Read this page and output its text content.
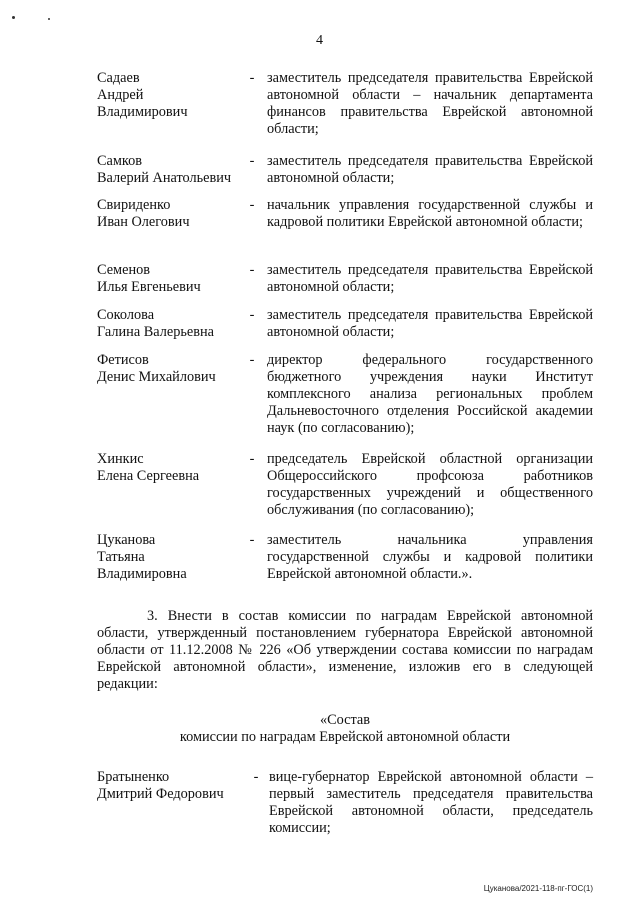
4
Садаев
Андрей
Владимирович
- заместитель председателя правительства Еврейской автономной области – начальник департамента финансов правительства Еврейской автономной области;
Самков
Валерий Анатольевич
- заместитель председателя правительства Еврейской автономной области;
Свириденко
Иван Олегович
- начальник управления государственной службы и кадровой политики Еврейской автономной области;
Семенов
Илья Евгеньевич
- заместитель председателя правительства Еврейской автономной области;
Соколова
Галина Валерьевна
- заместитель председателя правительства Еврейской автономной области;
Фетисов
Денис Михайлович
- директор федерального государственного бюджетного учреждения науки Институт комплексного анализа региональных проблем Дальневосточного отделения Российской академии наук (по согласованию);
Хинкис
Елена Сергеевна
- председатель Еврейской областной организации Общероссийского профсоюза работников государственных учреждений и общественного обслуживания (по согласованию);
Цуканова
Татьяна
Владимировна
- заместитель начальника управления государственной службы и кадровой политики Еврейской автономной области.».
3. Внести в состав комиссии по наградам Еврейской автономной области, утвержденный постановлением губернатора Еврейской автономной области от 11.12.2008 № 226 «Об утверждении состава комиссии по наградам Еврейской автономной области», изменение, изложив его в следующей редакции:
«Состав
комиссии по наградам Еврейской автономной области
Братыненко
Дмитрий Федорович
- вице-губернатор Еврейской автономной области – первый заместитель председателя правительства Еврейской автономной области, председатель комиссии;
Цуканова/2021-118-пг-ГОС(1)
